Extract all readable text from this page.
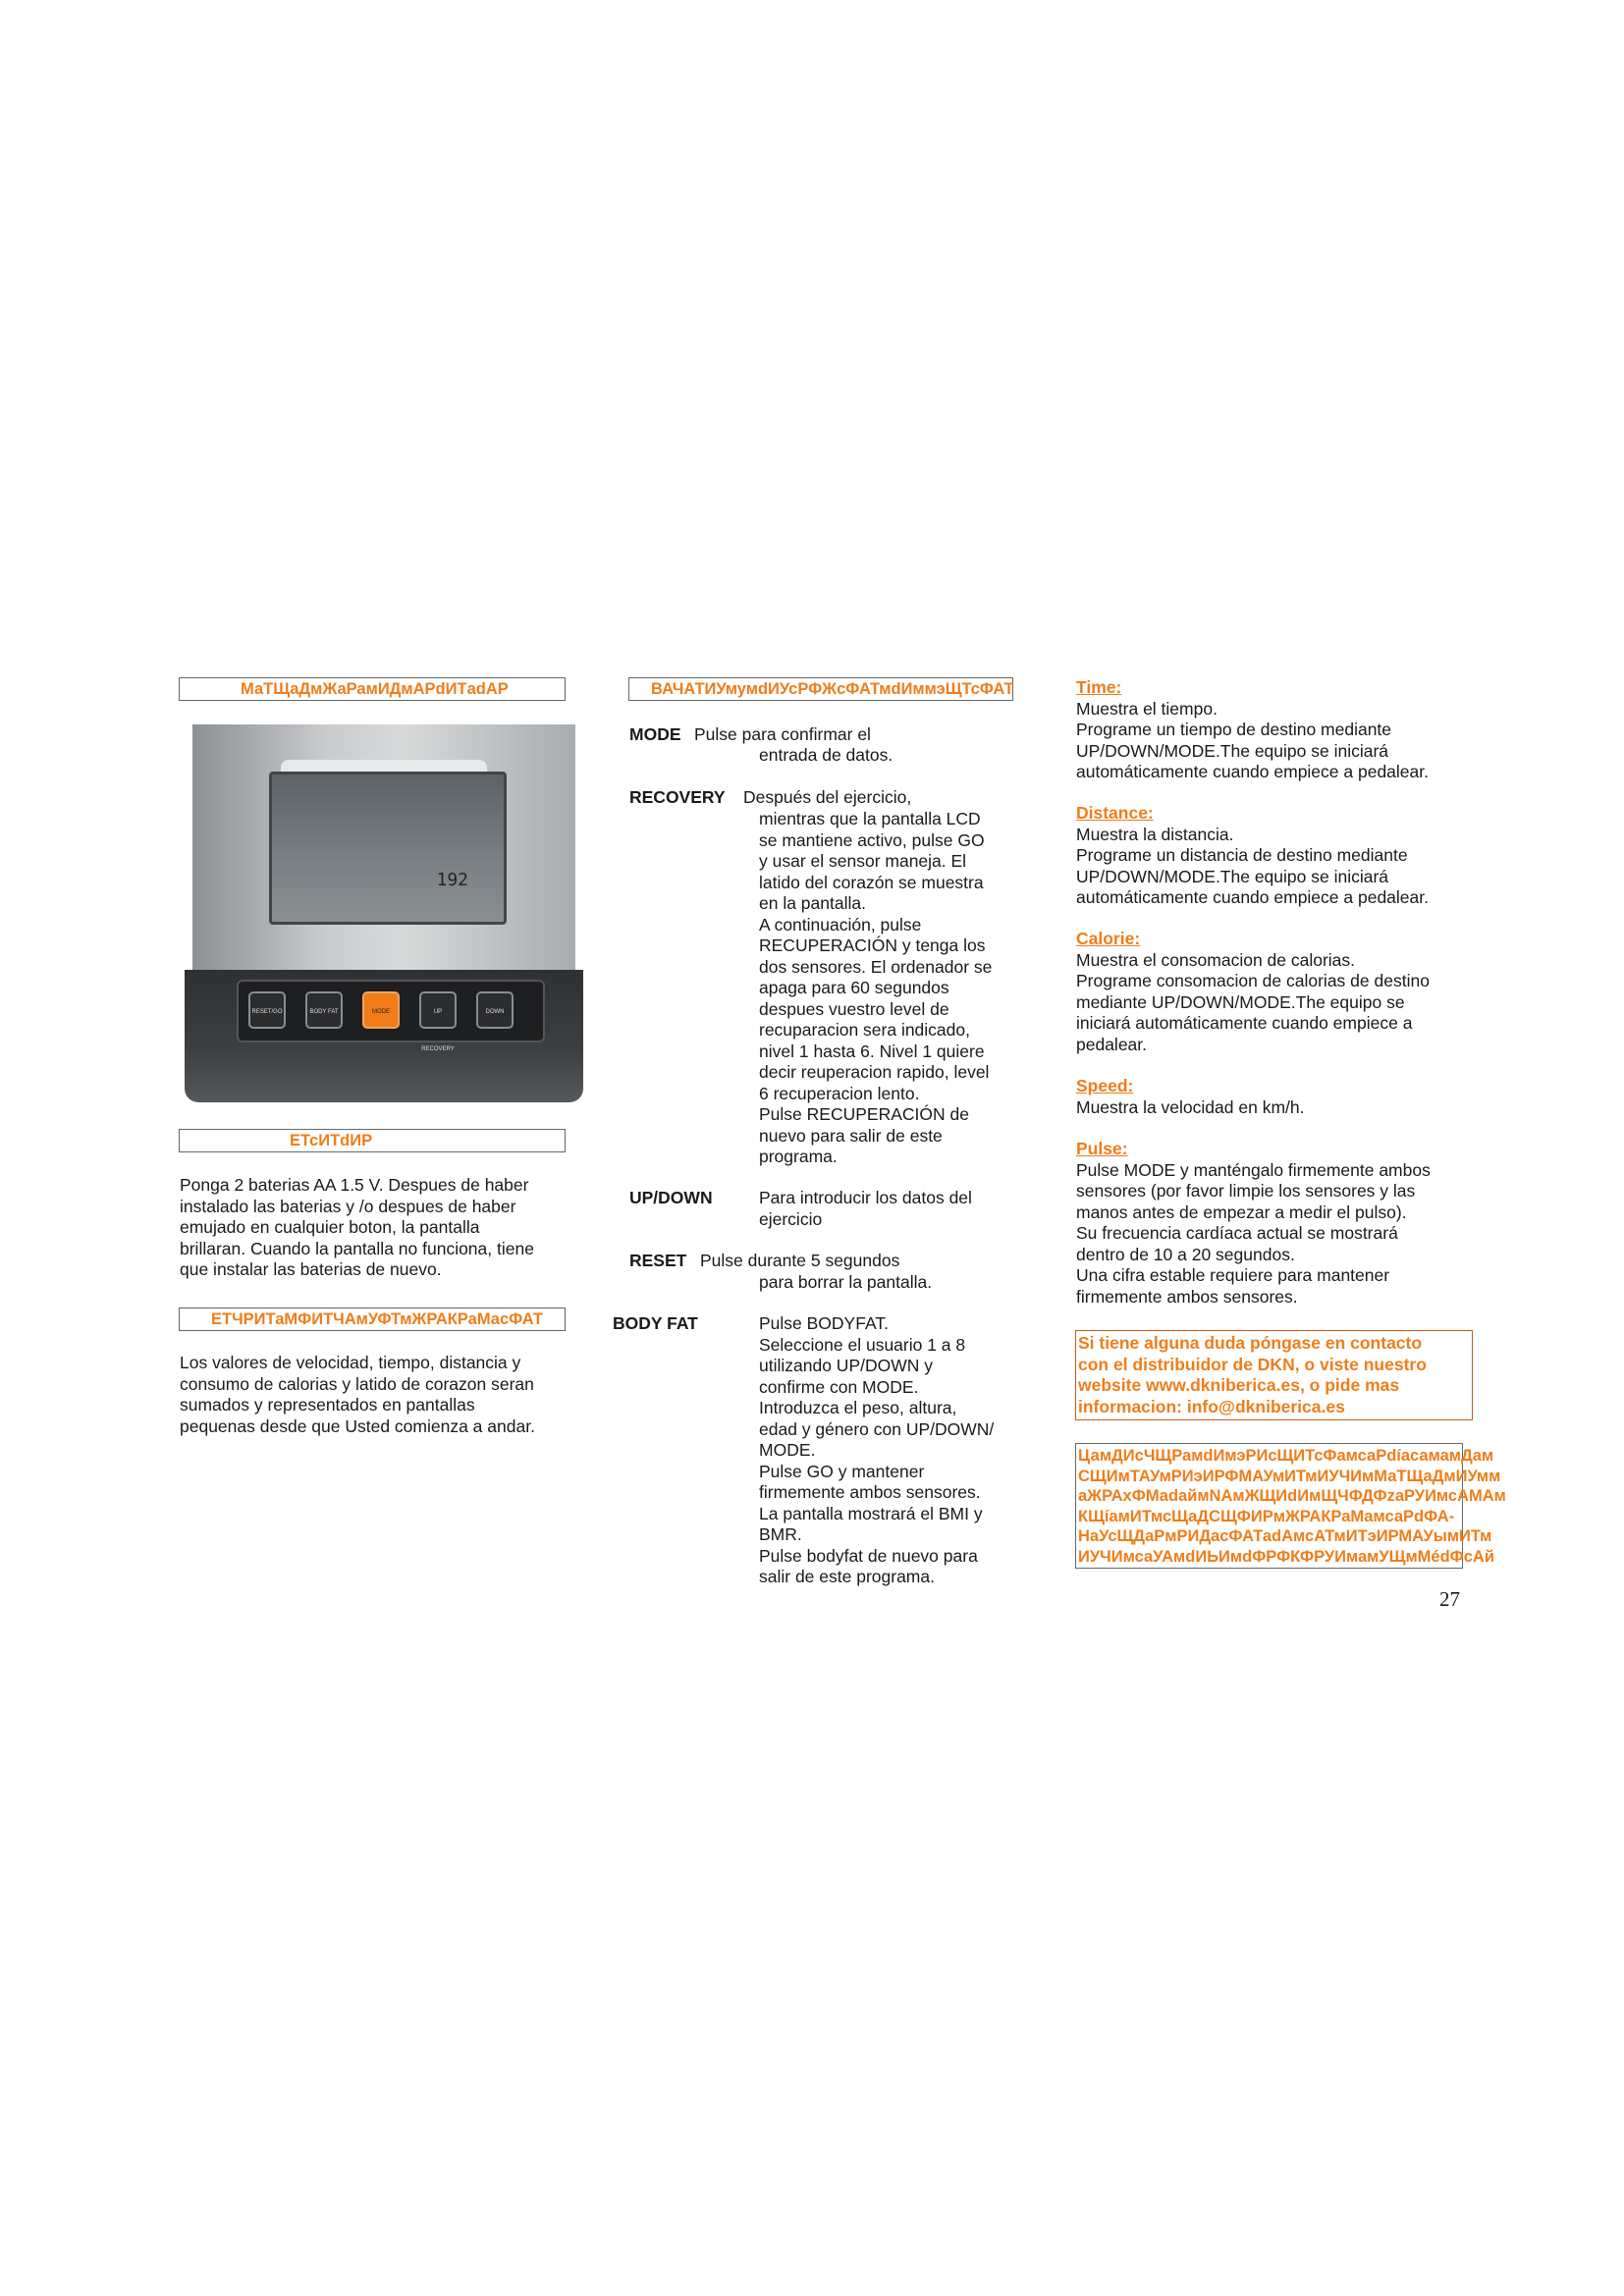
МаТЩаДмЖаРамИДмАРdИТadAP
192
RESET/GO	BODY FAT	MODE	UP RECOVERY
DOWN
ЕТсИТdИР
Ponga 2 baterias AA 1.5 V. Despues de haber
instalado las baterias y /o despues de haber
emujado en cualquier boton, la pantalla
brillaran. Cuando la pantalla no funciona, tiene
que instalar las baterias de nuevo.
ЕТЧРИТаМФИТЧАмУФТмЖРАКРаМасФАТ
Los valores de velocidad, tiempo, distancia y
consumo de calorias y latido de corazon seran
sumados y representados en pantallas
pequenas desde que Usted comienza a andar.
ВАЧАТИУмумdИУсРФЖсФАТмdИммэЩТсФАТ
MODE Pulse para confirmar el
entrada de datos.
RECOVERY Después del ejercicio,
mientras que la pantalla LCD
se mantiene activo, pulse GO
y usar el sensor maneja. El
latido del corazón se muestra
en la pantalla.
A continuación, pulse
RECUPERACIÓN y tenga los
dos sensores. El ordenador se
apaga para 60 segundos
despues vuestro level de
recuparacion sera indicado,
nivel 1 hasta 6. Nivel 1 quiere
decir reuperacion rapido, level
6 recuperacion lento.
Pulse RECUPERACIÓN de
nuevo para salir de este
programa.
UP/DOWN	Para introducir los datos del
ejercicio
RESET Pulse durante 5 segundos
para borrar la pantalla.
BODY FAT	Pulse BODYFAT.
Seleccione el usuario 1 a 8
utilizando UP/DOWN y
confirme con MODE.
Introduzca el peso, altura,
edad y género con UP/DOWN/
MODE.
Pulse GO y mantener
firmemente ambos sensores.
La pantalla mostrará el BMI y
BMR.
Pulse bodyfat de nuevo para
salir de este programa.
Time:
Muestra el tiempo.
Programe un tiempo de destino mediante
UP/DOWN/MODE.The equipo se iniciará
automáticamente cuando empiece a pedalear.
Distance:
Muestra la distancia.
Programe un distancia de destino mediante
UP/DOWN/MODE.The equipo se iniciará
automáticamente cuando empiece a pedalear.
Calorie:
Muestra el consomacion de calorias.
Programe consomacion de calorias de destino
mediante UP/DOWN/MODE.The equipo se
iniciará automáticamente cuando empiece a
pedalear.
Speed:
Muestra la velocidad en km/h.
Pulse:
Pulse MODE y manténgalo firmemente ambos
sensores (por favor limpie los sensores y las
manos antes de empezar a medir el pulso).
Su frecuencia cardíaca actual se mostrará
dentro de 10 a 20 segundos.
Una cifra estable requiere para mantener
firmemente ambos sensores.
Si tiene alguna duda póngase en contacto
con el distribuidor de DKN, o viste nuestro
website www.dkniberica.es, o pide mas
informacion: info@dkniberica.es
ЦамДИсЧЩРамdИмэРИсЩИТсФамсаРdíасамамДам
СЩИмТАУмРИэИРФМАУмИТмИУЧИмМаТЩаДмИУмм
аЖРАхФМаdаймNАмЖЩИdИмЩЧФДФzаРУИмсАМАм
КЩíамИТмсЩаДСЩФИРмЖРАКРаМамсаРdФА-
НаУсЩДаРмРИДасФАТаdАмсАТмИТэИРМАУымИТм
ИУЧИмсаУАмdИЬИмdФРФКФРУИмамУЩмМédФсАй
27
